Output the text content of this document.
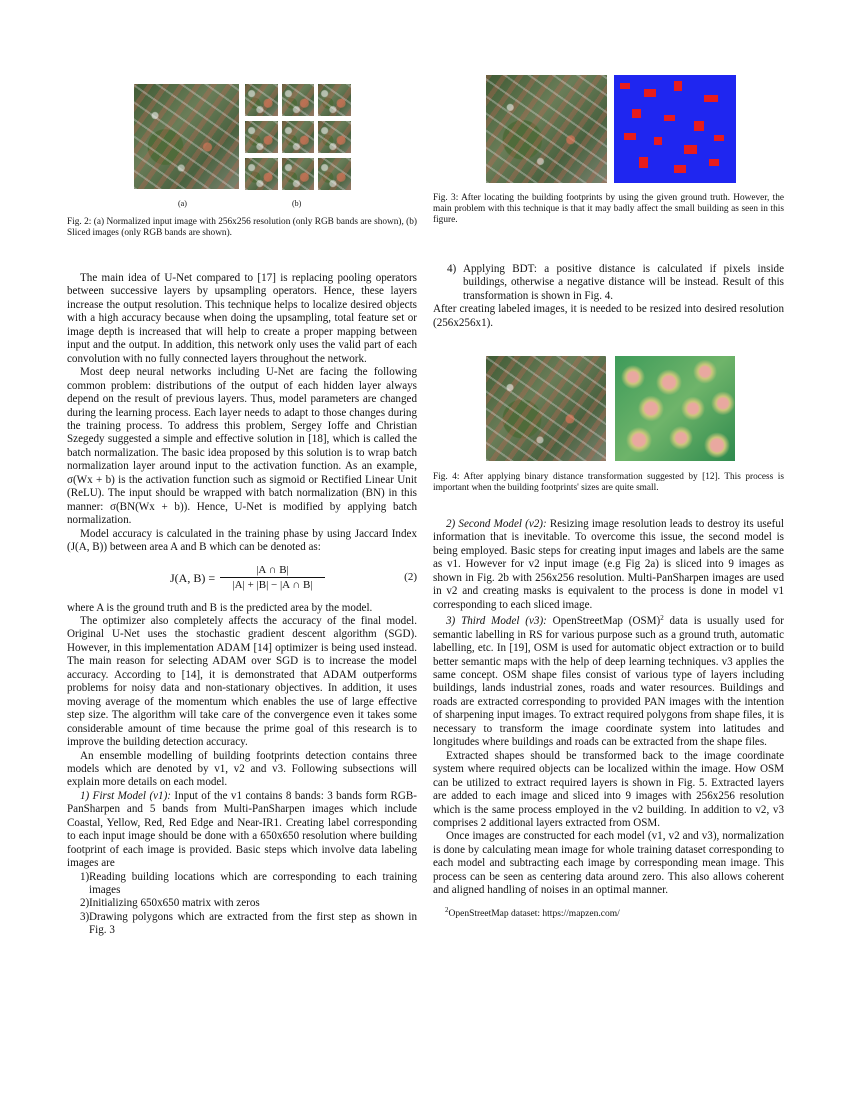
(a)	(b)

Fig. 2: (a) Normalized input image with 256x256 resolution (only RGB bands are shown), (b) Sliced images (only RGB bands are shown).

The main idea of U-Net compared to [17] is replacing pooling operators between successive layers by upsampling operators. Hence, these layers increase the output resolution. This technique helps to localize desired objects with a high accuracy because when doing the upsampling, total feature set or image depth is increased that will help to create a proper mapping between input and the output. In addition, this network only uses the valid part of each convolution with no fully connected layers throughout the network.

Most deep neural networks including U-Net are facing the following common problem: distributions of the output of each hidden layer always depend on the result of previous layers. Thus, model parameters are changed during the learning process. Each layer needs to adapt to those changes during the training process. To address this problem, Sergey Ioffe and Christian Szegedy suggested a simple and effective solution in [18], which is called the batch normalization. The basic idea proposed by this solution is to wrap batch normalization layer around input to the activation function. As an example, σ(Wx + b) is the activation function such as sigmoid or Rectified Linear Unit (ReLU). The input should be wrapped with batch normalization (BN) in this manner: σ(BN(Wx + b)). Hence, U-Net is modified by applying batch normalization.

Model accuracy is calculated in the training phase by using Jaccard Index (J(A, B)) between area A and B which can be denoted as:

J(A, $B) = \frac{|A \cap B|}{|A| + |B| - |A \cap B|}$	(2)

where A is the ground truth and B is the predicted area by the model.

The optimizer also completely affects the accuracy of the final model. Original U-Net uses the stochastic gradient descent algorithm (SGD). However, in this implementation ADAM [14] optimizer is being used instead. The main reason for selecting ADAM over SGD is to increase the model accuracy. According to [14], it is demonstrated that ADAM outperforms problems for noisy data and non-stationary objectives. In addition, it uses moving average of the momentum which enables the use of large effective step size. The algorithm will take care of the convergence even it takes some considerable amount of time because the prime goal of this research is to improve the building detection accuracy.

An ensemble modelling of building footprints detection contains three models which are denoted by v1, v2 and v3. Following subsections will explain more details on each model.

1) First Model (v1): Input of the v1 contains 8 bands: 3 bands form RGB-PanSharpen and 5 bands from Multi-PanSharpen images which include Coastal, Yellow, Red, Red Edge and Near-IR1. Creating label corresponding to each input image should be done with a 650x650 resolution where building footprint of each image is provided. Basic steps which involve data labeling images are

1) Reading building locations which are corresponding to each training images
2) Initializing 650x650 matrix with zeros
3) Drawing polygons which are extracted from the first step as shown in Fig. 3

Fig. 3: After locating the building footprints by using the given ground truth. However, the main problem with this technique is that it may badly affect the small building as seen in this figure.

4) Applying BDT: a positive distance is calculated if pixels inside buildings, otherwise a negative distance will be instead. Result of this transformation is shown in Fig. 4.

After creating labeled images, it is needed to be resized into desired resolution (256x256x1).

Fig. 4: After applying binary distance transformation suggested by [12]. This process is important when the building footprints' sizes are quite small.

2) Second Model (v2): Resizing image resolution leads to destroy its useful information that is inevitable. To overcome this issue, the second model is being employed. Basic steps for creating input images and labels are the same as v1. However for v2 input image (e.g Fig 2a) is sliced into 9 images as shown in Fig. 2b with 256x256 resolution. Multi-PanSharpen images are used in v2 and creating masks is equivalent to the process is done in model v1 corresponding to each sliced image.

3) Third Model (v3): OpenStreetMap (OSM)$^2$ data is usually used for semantic labelling in RS for various purpose such as a ground truth, automatic labelling, etc. In [19], OSM is used for automatic object extraction or to build better semantic maps with the help of deep learning techniques. v3 applies the same concept. OSM shape files consist of various type of layers including buildings, lands industrial zones, roads and water resources. Buildings and roads are extracted corresponding to provided PAN images with the intention of sharpening input images. To extract required polygons from shape files, it is necessary to transform the image coordinate system into latitudes and longitudes where buildings and roads can be extracted from the shape files.

Extracted shapes should be transformed back to the image coordinate system where required objects can be localized within the image. How OSM can be utilized to extract required layers is shown in Fig. 5. Extracted layers are added to each image and sliced into 9 images with 256x256 resolution which is the same process employed in the v2 building. In addition to v2, v3 comprises 2 additional layers extracted from OSM.

Once images are constructed for each model (v1, v2 and v3), normalization is done by calculating mean image for whole training dataset corresponding to each model and subtracting each image by corresponding mean image. This process can be seen as centering data around zero. This also allows coherent and aligned handling of noises in an optimal manner.

$^2$OpenStreetMap dataset: https://mapzen.com/
